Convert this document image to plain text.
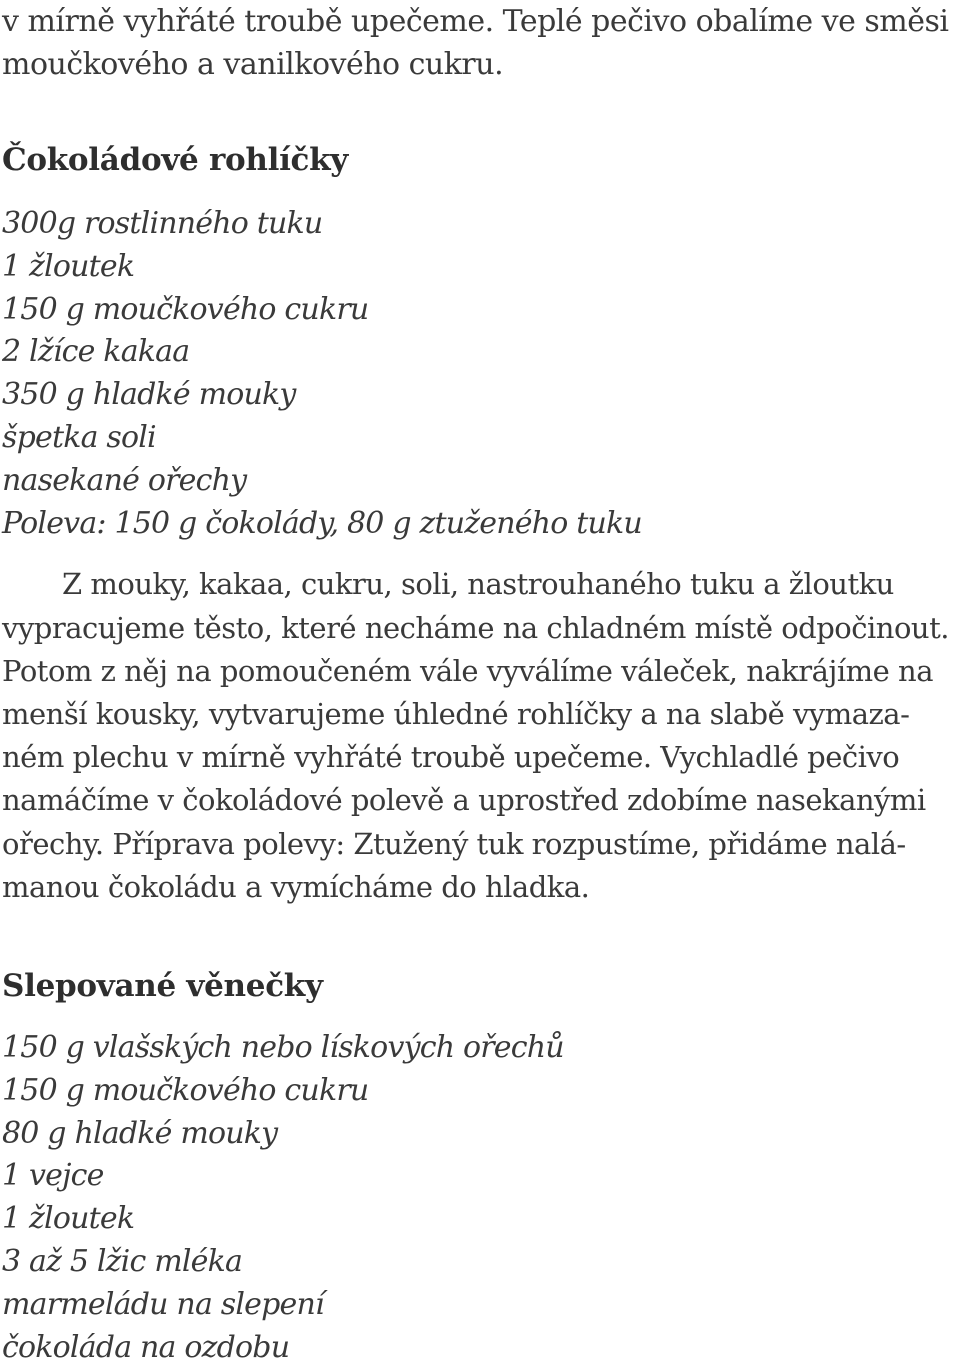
v mírně vyhřáté troubě upečeme. Teplé pečivo obalíme ve směsi
moučkového a vanilkového cukru.
Čokoládové rohlíčky
300g rostlinného tuku
1 žloutek
150 g moučkového cukru
2 lžíce kakaa
350 g hladké mouky
špetka soli
nasekané ořechy
Poleva: 150 g čokolády, 80 g ztuženého tuku
Z mouky, kakaa, cukru, soli, nastrouhaného tuku a žloutku
vypracujeme těsto, které necháme na chladném místě odpočinout.
Potom z něj na pomoučeném vále vyválíme váleček, nakrájíme na
menší kousky, vytvarujeme úhledné rohlíčky a na slabě vymaza-
ném plechu v mírně vyhřáté troubě upečeme. Vychladlé pečivo
namáčíme v čokoládové polevě a uprostřed zdobíme nasekanými
ořechy. Příprava polevy: Ztužený tuk rozpustíme, přidáme nalá-
manou čokoládu a vymícháme do hladka.
Slepované věnečky
150 g vlašských nebo lískových ořechů
150 g moučkového cukru
80 g hladké mouky
1 vejce
1 žloutek
3 až 5 lžic mléka
marmeládu na slepení
čokoláda na ozdobu
